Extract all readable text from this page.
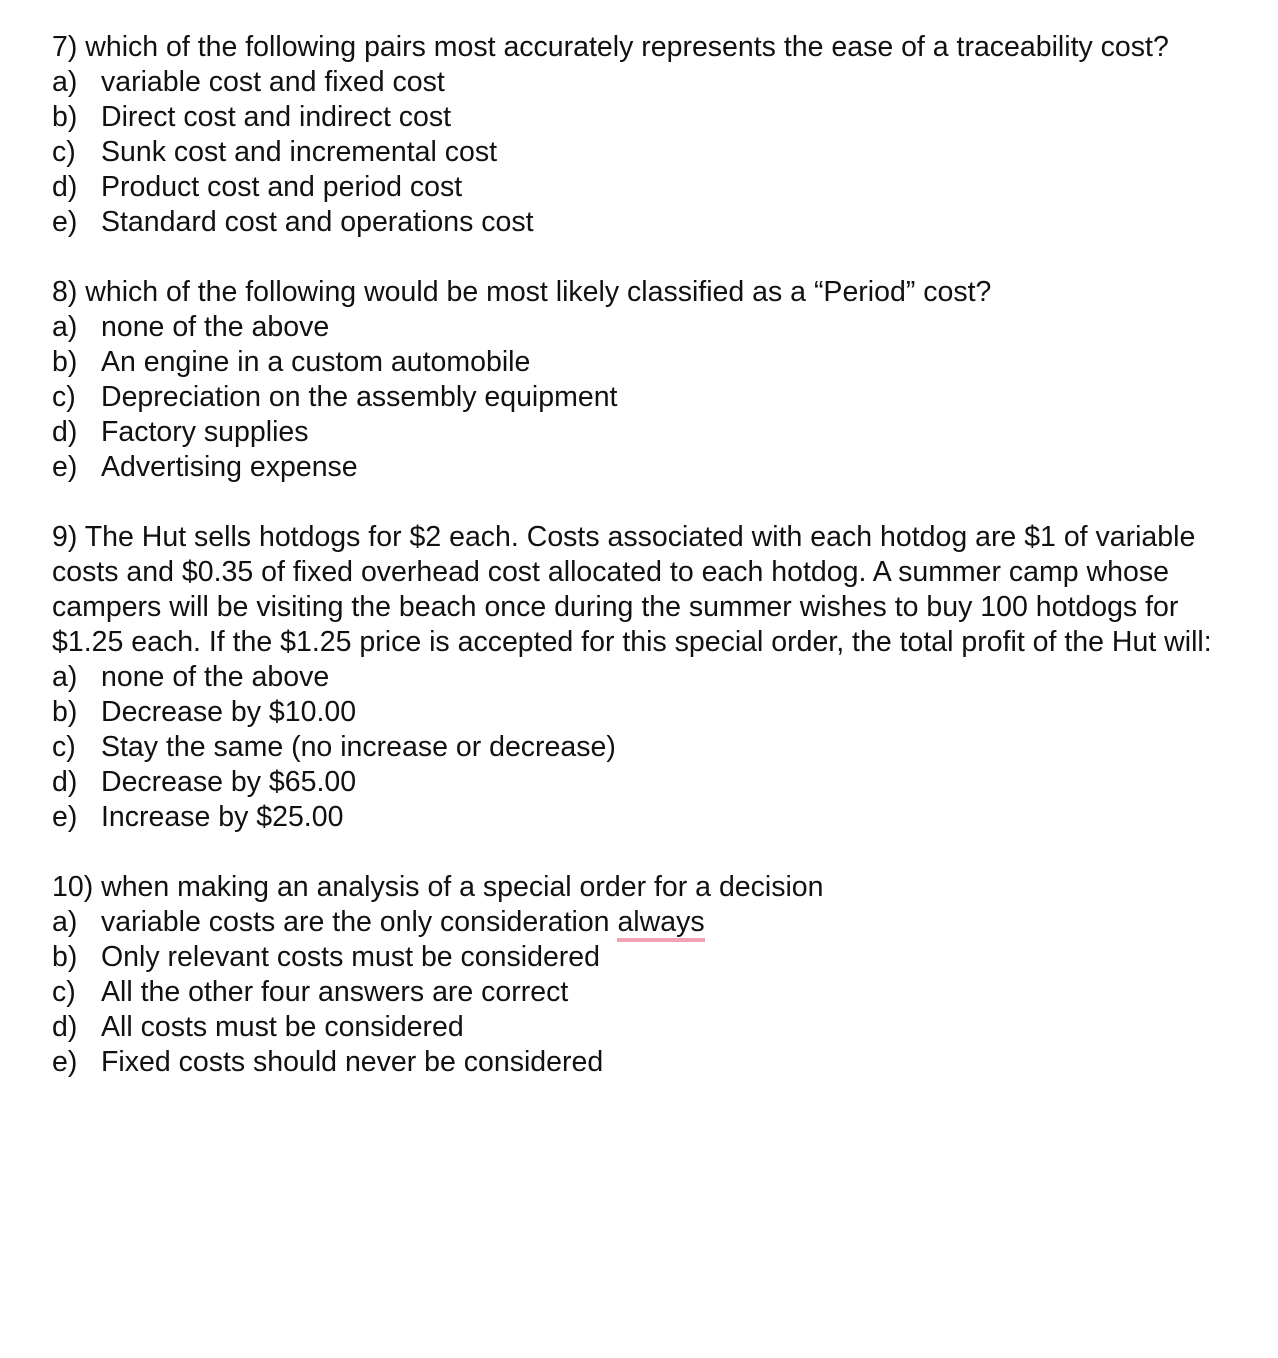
7) which of the following pairs most accurately represents the ease of a traceability cost?

a) variable cost and fixed cost
b) Direct cost and indirect cost
c) Sunk cost and incremental cost
d) Product cost and period cost
e) Standard cost and operations cost

8) which of the following would be most likely classified as a “Period” cost?

a) none of the above
b) An engine in a custom automobile
c) Depreciation on the assembly equipment
d) Factory supplies
e) Advertising expense

9) The Hut sells hotdogs for $2 each. Costs associated with each hotdog are $1 of variable costs and $0.35 of fixed overhead cost allocated to each hotdog. A summer camp whose campers will be visiting the beach once during the summer wishes to buy 100 hotdogs for $1.25 each. If the $1.25 price is accepted for this special order, the total profit of the Hut will:

a) none of the above
b) Decrease by $10.00
c) Stay the same (no increase or decrease)
d) Decrease by $65.00
e) Increase by $25.00

10) when making an analysis of a special order for a decision

a) variable costs are the only consideration always
b) Only relevant costs must be considered
c) All the other four answers are correct
d) All costs must be considered
e) Fixed costs should never be considered
